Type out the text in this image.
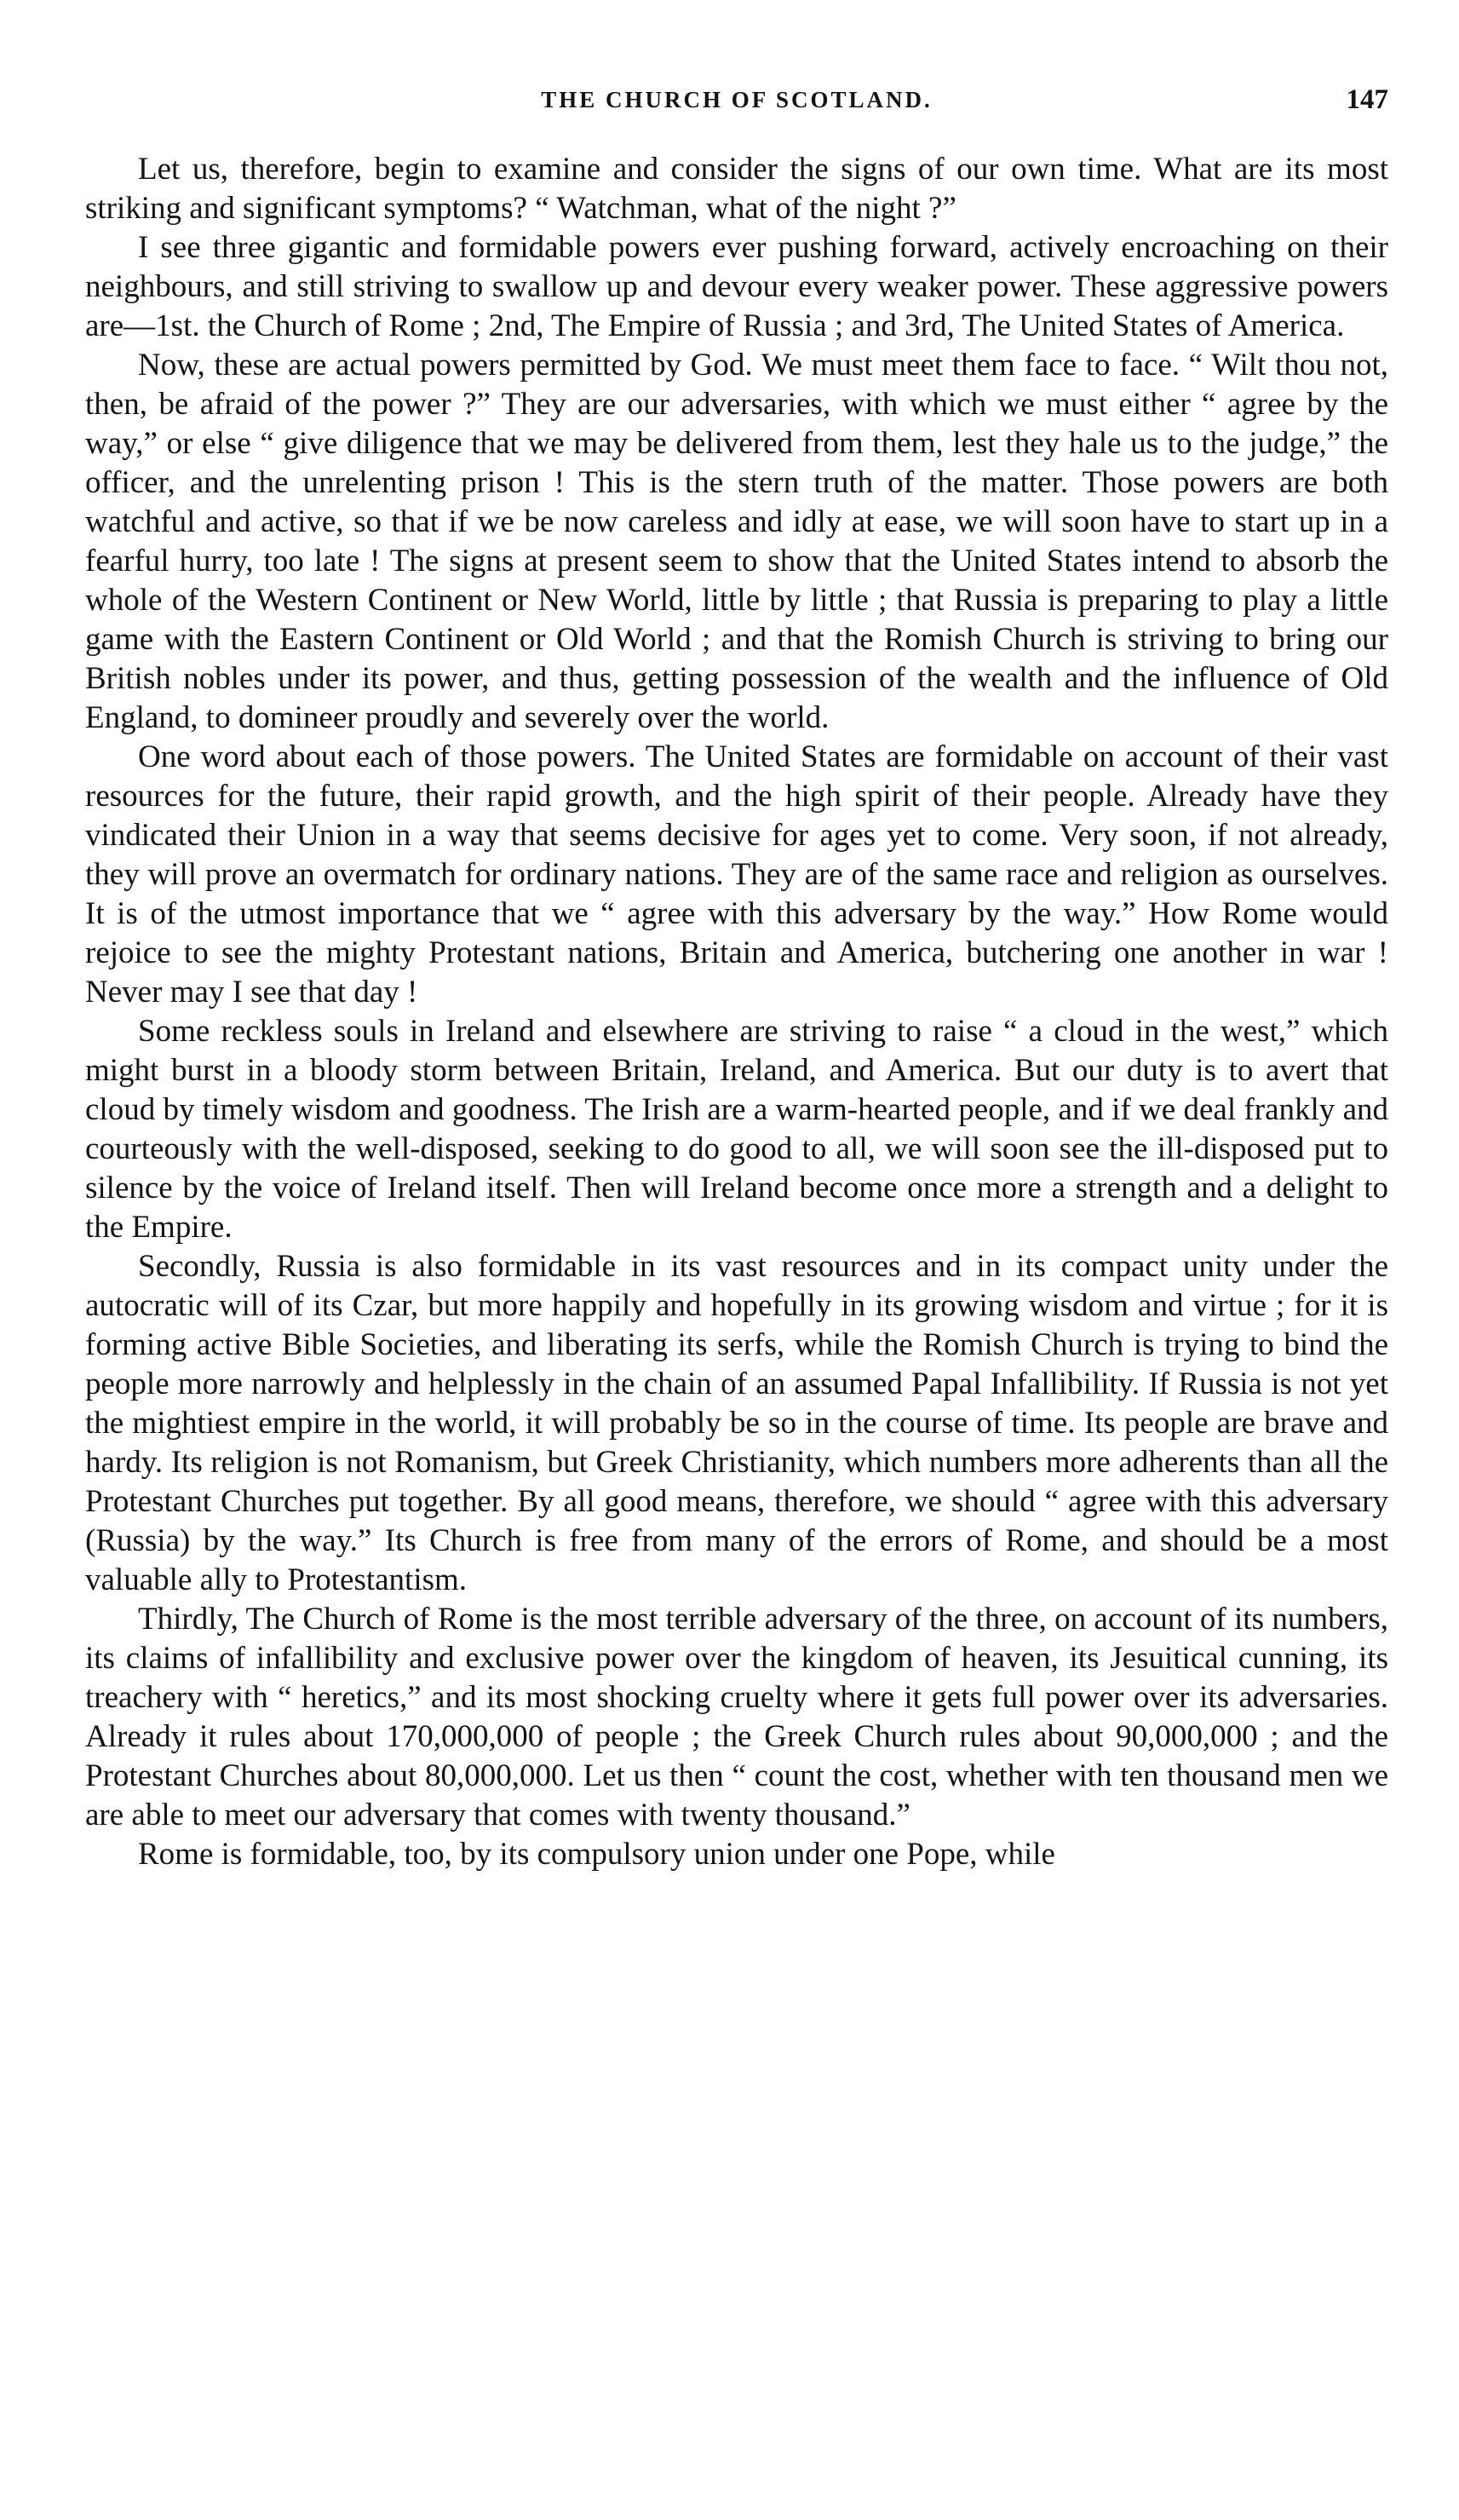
THE CHURCH OF SCOTLAND.	147

Let us, therefore, begin to examine and consider the signs of our own time. What are its most striking and significant symptoms? “ Watchman, what of the night ?”

I see three gigantic and formidable powers ever pushing forward, actively encroaching on their neighbours, and still striving to swallow up and devour every weaker power. These aggressive powers are—1st. the Church of Rome ; 2nd, The Empire of Russia ; and 3rd, The United States of America.

Now, these are actual powers permitted by God. We must meet them face to face. “ Wilt thou not, then, be afraid of the power ?” They are our adversaries, with which we must either “ agree by the way,” or else “ give diligence that we may be delivered from them, lest they hale us to the judge,” the officer, and the unrelenting prison ! This is the stern truth of the matter. Those powers are both watchful and active, so that if we be now careless and idly at ease, we will soon have to start up in a fearful hurry, too late ! The signs at present seem to show that the United States intend to absorb the whole of the Western Continent or New World, little by little ; that Russia is preparing to play a little game with the Eastern Continent or Old World ; and that the Romish Church is striving to bring our British nobles under its power, and thus, getting possession of the wealth and the influence of Old England, to domineer proudly and severely over the world.

One word about each of those powers. The United States are formidable on account of their vast resources for the future, their rapid growth, and the high spirit of their people. Already have they vindicated their Union in a way that seems decisive for ages yet to come. Very soon, if not already, they will prove an overmatch for ordinary nations. They are of the same race and religion as ourselves. It is of the utmost importance that we “ agree with this adversary by the way.” How Rome would rejoice to see the mighty Protestant nations, Britain and America, butchering one another in war ! Never may I see that day !

Some reckless souls in Ireland and elsewhere are striving to raise “ a cloud in the west,” which might burst in a bloody storm between Britain, Ireland, and America. But our duty is to avert that cloud by timely wisdom and goodness. The Irish are a warm-hearted people, and if we deal frankly and courteously with the well-disposed, seeking to do good to all, we will soon see the ill-disposed put to silence by the voice of Ireland itself. Then will Ireland become once more a strength and a delight to the Empire.

Secondly, Russia is also formidable in its vast resources and in its compact unity under the autocratic will of its Czar, but more happily and hopefully in its growing wisdom and virtue ; for it is forming active Bible Societies, and liberating its serfs, while the Romish Church is trying to bind the people more narrowly and helplessly in the chain of an assumed Papal Infallibility. If Russia is not yet the mightiest empire in the world, it will probably be so in the course of time. Its people are brave and hardy. Its religion is not Romanism, but Greek Christianity, which numbers more adherents than all the Protestant Churches put together. By all good means, therefore, we should “ agree with this adversary (Russia) by the way.” Its Church is free from many of the errors of Rome, and should be a most valuable ally to Protestantism.

Thirdly, The Church of Rome is the most terrible adversary of the three, on account of its numbers, its claims of infallibility and exclusive power over the kingdom of heaven, its Jesuitical cunning, its treachery with “ heretics,” and its most shocking cruelty where it gets full power over its adversaries. Already it rules about 170,000,000 of people ; the Greek Church rules about 90,000,000 ; and the Protestant Churches about 80,000,000. Let us then “ count the cost, whether with ten thousand men we are able to meet our adversary that comes with twenty thousand.”

Rome is formidable, too, by its compulsory union under one Pope, while
